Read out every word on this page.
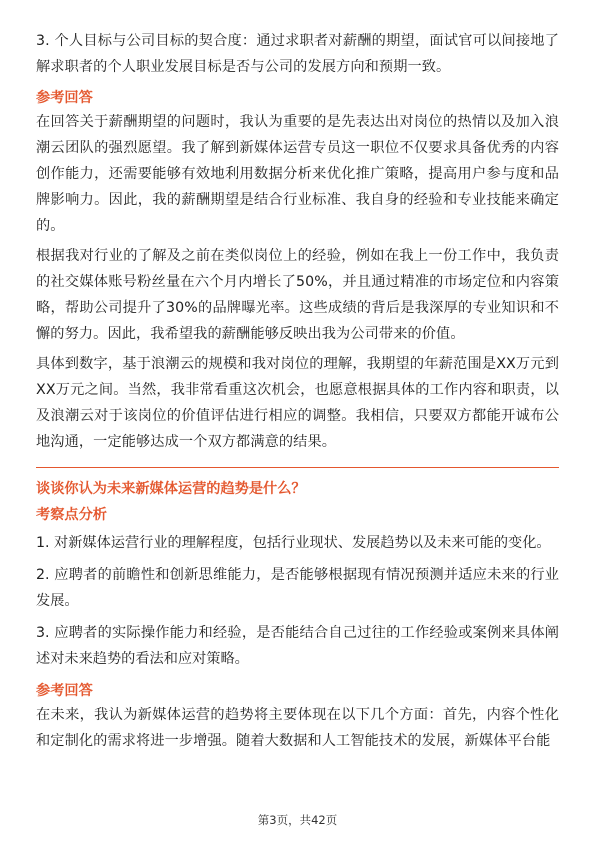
3. 个人目标与公司目标的契合度：通过求职者对薪酬的期望，面试官可以间接地了解求职者的个人职业发展目标是否与公司的发展方向和预期一致。

参考回答

在回答关于薪酬期望的问题时，我认为重要的是先表达出对岗位的热情以及加入浪潮云团队的强烈愿望。我了解到新媒体运营专员这一职位不仅要求具备优秀的内容创作能力，还需要能够有效地利用数据分析来优化推广策略，提高用户参与度和品牌影响力。因此，我的薪酬期望是结合行业标准、我自身的经验和专业技能来确定的。

根据我对行业的了解及之前在类似岗位上的经验，例如在我上一份工作中，我负责的社交媒体账号粉丝量在六个月内增长了50%，并且通过精准的市场定位和内容策略，帮助公司提升了30%的品牌曝光率。这些成绩的背后是我深厚的专业知识和不懈的努力。因此，我希望我的薪酬能够反映出我为公司带来的价值。

具体到数字，基于浪潮云的规模和我对岗位的理解，我期望的年薪范围是XX万元到XX万元之间。当然，我非常看重这次机会，也愿意根据具体的工作内容和职责，以及浪潮云对于该岗位的价值评估进行相应的调整。我相信，只要双方都能开诚布公地沟通，一定能够达成一个双方都满意的结果。

谈谈你认为未来新媒体运营的趋势是什么？

考察点分析

1. 对新媒体运营行业的理解程度，包括行业现状、发展趋势以及未来可能的变化。

2. 应聘者的前瞻性和创新思维能力，是否能够根据现有情况预测并适应未来的行业发展。

3. 应聘者的实际操作能力和经验，是否能结合自己过往的工作经验或案例来具体阐述对未来趋势的看法和应对策略。

参考回答

在未来，我认为新媒体运营的趋势将主要体现在以下几个方面：首先，内容个性化和定制化的需求将进一步增强。随着大数据和人工智能技术的发展，新媒体平台能

第3页，共42页
